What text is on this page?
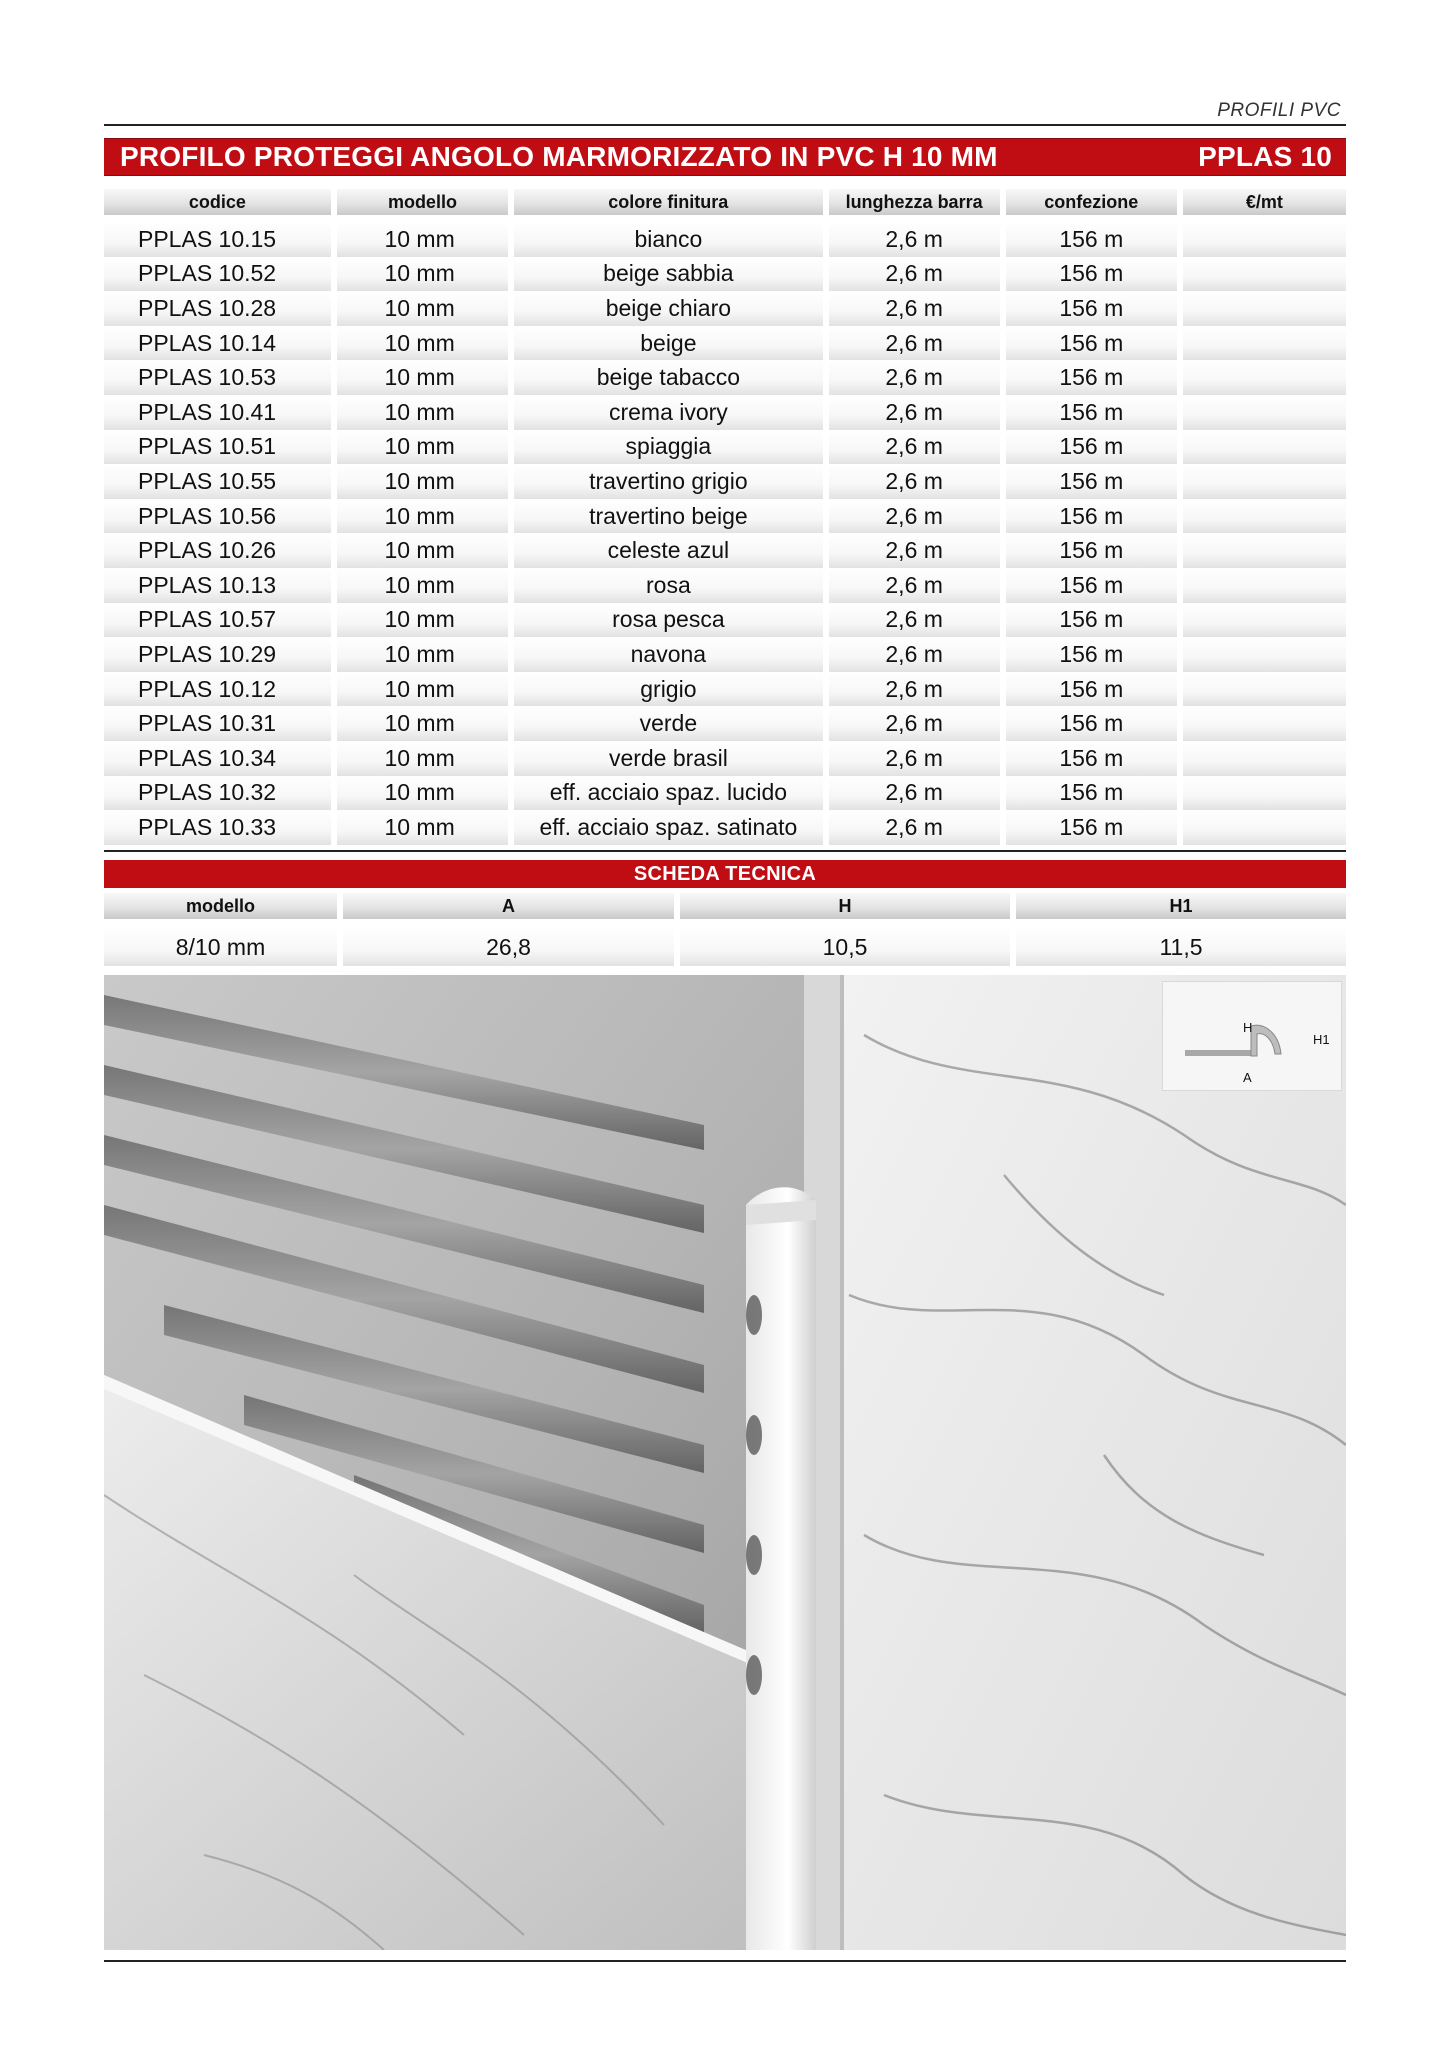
PROFILI PVC
PROFILO PROTEGGI ANGOLO MARMORIZZATO IN PVC H 10 MM	PPLAS 10
codice	modello	colore finitura	lunghezza barra	confezione	€/mt
PPLAS 10.15	10 mm	bianco	2,6 m	156 m
PPLAS 10.52	10 mm	beige sabbia	2,6 m	156 m
PPLAS 10.28	10 mm	beige chiaro	2,6 m	156 m
PPLAS 10.14	10 mm	beige	2,6 m	156 m
PPLAS 10.53	10 mm	beige tabacco	2,6 m	156 m
PPLAS 10.41	10 mm	crema ivory	2,6 m	156 m
PPLAS 10.51	10 mm	spiaggia	2,6 m	156 m
PPLAS 10.55	10 mm	travertino grigio	2,6 m	156 m
PPLAS 10.56	10 mm	travertino beige	2,6 m	156 m
PPLAS 10.26	10 mm	celeste azul	2,6 m	156 m
PPLAS 10.13	10 mm	rosa	2,6 m	156 m
PPLAS 10.57	10 mm	rosa pesca	2,6 m	156 m
PPLAS 10.29	10 mm	navona	2,6 m	156 m
PPLAS 10.12	10 mm	grigio	2,6 m	156 m
PPLAS 10.31	10 mm	verde	2,6 m	156 m
PPLAS 10.34	10 mm	verde brasil	2,6 m	156 m
PPLAS 10.32	10 mm	eff. acciaio spaz. lucido	2,6 m	156 m
PPLAS 10.33	10 mm	eff. acciaio spaz. satinato	2,6 m	156 m
SCHEDA TECNICA
modello	A	H	H1
8/10 mm	26,8	10,5	11,5
H
H1
A
